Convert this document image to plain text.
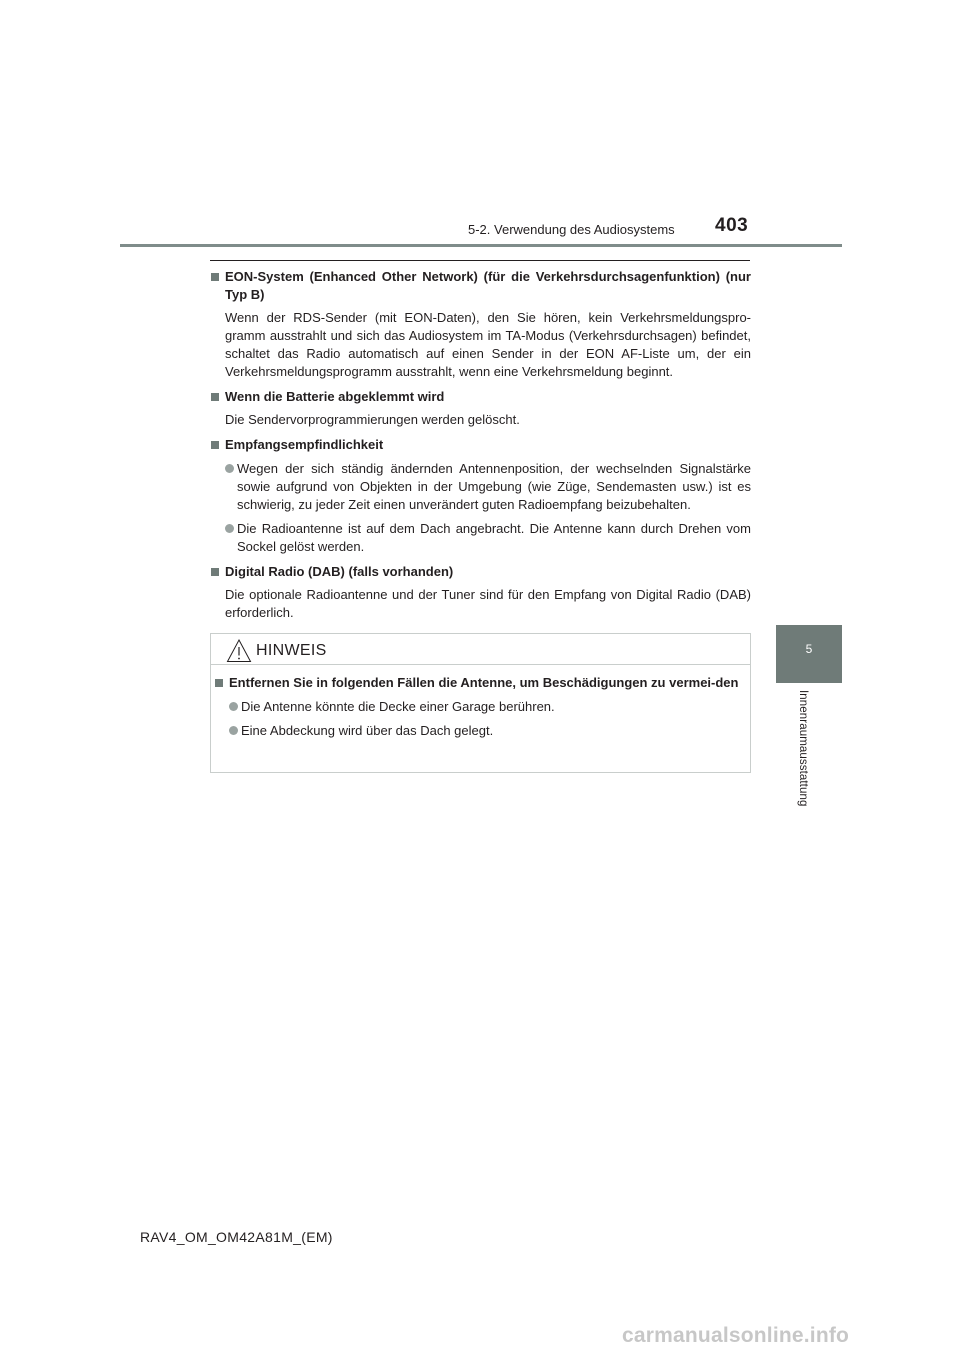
5-2. Verwendung des Audiosystems 403
5
Innenraumausstattung
EON-System (Enhanced Other Network) (für die Verkehrsdurchsagenfunktion) (nur Typ B)
Wenn der RDS-Sender (mit EON-Daten), den Sie hören, kein Verkehrsmeldungspro-gramm ausstrahlt und sich das Audiosystem im TA-Modus (Verkehrsdurchsagen) befindet, schaltet das Radio automatisch auf einen Sender in der EON AF-Liste um, der ein Verkehrsmeldungsprogramm ausstrahlt, wenn eine Verkehrsmeldung beginnt.
Wenn die Batterie abgeklemmt wird
Die Sendervorprogrammierungen werden gelöscht.
Empfangsempfindlichkeit
Wegen der sich ständig ändernden Antennenposition, der wechselnden Signalstärke sowie aufgrund von Objekten in der Umgebung (wie Züge, Sendemasten usw.) ist es schwierig, zu jeder Zeit einen unverändert guten Radioempfang beizubehalten.
Die Radioantenne ist auf dem Dach angebracht. Die Antenne kann durch Drehen vom Sockel gelöst werden.
Digital Radio (DAB) (falls vorhanden)
Die optionale Radioantenne und der Tuner sind für den Empfang von Digital Radio (DAB) erforderlich.
HINWEIS
Entfernen Sie in folgenden Fällen die Antenne, um Beschädigungen zu vermei-den
Die Antenne könnte die Decke einer Garage berühren.
Eine Abdeckung wird über das Dach gelegt.
RAV4_OM_OM42A81M_(EM)
carmanualsonline.info
